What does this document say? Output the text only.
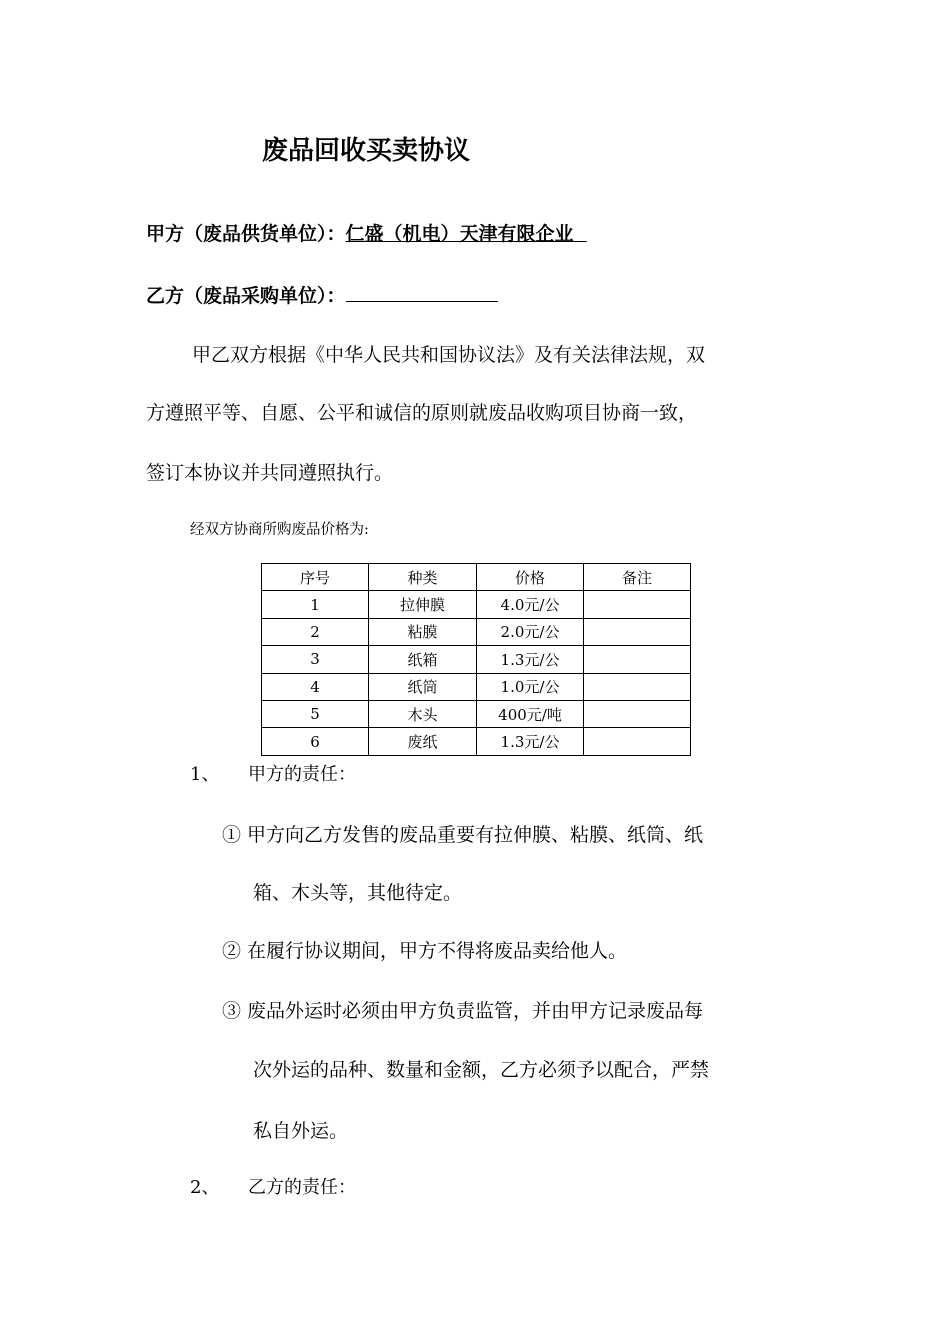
废品回收买卖协议
甲方（废品供货单位）：仁盛（机电）天津有限企业
乙方（废品采购单位）：
甲乙双方根据《中华人民共和国协议法》及有关法律法规，双
方遵照平等、自愿、公平和诚信的原则就废品收购项目协商一致，
签订本协议并共同遵照执行。
经双方协商所购废品价格为:
序号	种类	价格	备注
1	拉伸膜	4.0元/公	
2	粘膜	2.0元/公	
3	纸箱	1.3元/公	
4	纸筒	1.0元/公	
5	木头	400元/吨	
6	废纸	1.3元/公	
1、 甲方的责任：
① 甲方向乙方发售的废品重要有拉伸膜、粘膜、纸筒、纸
箱、木头等，其他待定。
② 在履行协议期间，甲方不得将废品卖给他人。
③ 废品外运时必须由甲方负责监管，并由甲方记录废品每
次外运的品种、数量和金额，乙方必须予以配合，严禁
私自外运。
2、 乙方的责任：
